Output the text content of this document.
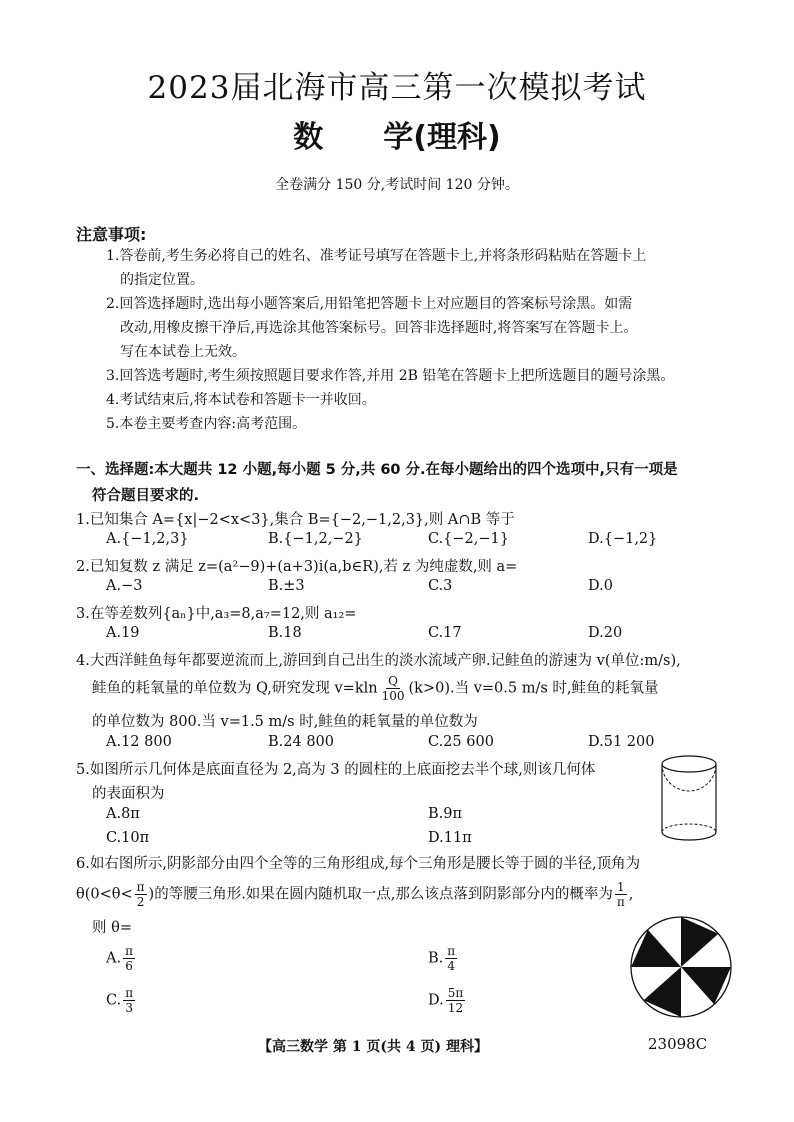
2023届北海市高三第一次模拟考试
数 学(理科)
全卷满分 150 分,考试时间 120 分钟。
注意事项:
1.答卷前,考生务必将自己的姓名、准考证号填写在答题卡上,并将条形码粘贴在答题卡上
的指定位置。
2.回答选择题时,选出每小题答案后,用铅笔把答题卡上对应题目的答案标号涂黑。如需
改动,用橡皮擦干净后,再选涂其他答案标号。回答非选择题时,将答案写在答题卡上。
写在本试卷上无效。
3.回答选考题时,考生须按照题目要求作答,并用 2B 铅笔在答题卡上把所选题目的题号涂黑。
4.考试结束后,将本试卷和答题卡一并收回。
5.本卷主要考查内容:高考范围。
一、选择题:本大题共 12 小题,每小题 5 分,共 60 分.在每小题给出的四个选项中,只有一项是
符合题目要求的.
1.已知集合 A={x|−2<x<3},集合 B={−2,−1,2,3},则 A∩B 等于
A.{−1,2,3}	B.{−1,2,−2}	C.{−2,−1}	D.{−1,2}
2.已知复数 z 满足 z=(a²−9)+(a+3)i(a,b∈R),若 z 为纯虚数,则 a=
A.−3	B.±3	C.3	D.0
3.在等差数列{aₙ}中,a₃=8,a₇=12,则 a₁₂=
A.19	B.18	C.17	D.20
4.大西洋鲑鱼每年都要逆流而上,游回到自己出生的淡水流域产卵.记鲑鱼的游速为 v(单位:m/s),
鲑鱼的耗氧量的单位数为 Q,研究发现 $v=kln \frac{Q}{100} (k>0)$.当 v=0.5 m/s 时,鲑鱼的耗氧量
的单位数为 800.当 v=1.5 m/s 时,鲑鱼的耗氧量的单位数为
A.12 800	B.24 800	C.25 600	D.51 200
5.如图所示几何体是底面直径为 2,高为 3 的圆柱的上底面挖去半个球,则该几何体
的表面积为
A.8π	B.9π
C.10π	D.11π
6.如右图所示,阴影部分由四个全等的三角形组成,每个三角形是腰长等于圆的半径,顶角为
$\theta(0<\theta< \frac{\pi}{2}$ )的等腰三角形.如果在圆内随机取一点,那么该点落到阴影部分内的概率为 $\frac{1}{\pi}$ ,
则 θ=
A. $\frac{\pi}{6}$	B. $\frac{\pi}{4}$
C. $\frac{\pi}{3}$	D. $\frac{5\pi}{12}$
【高三数学 第 1 页(共 4 页) 理科】	23098C
